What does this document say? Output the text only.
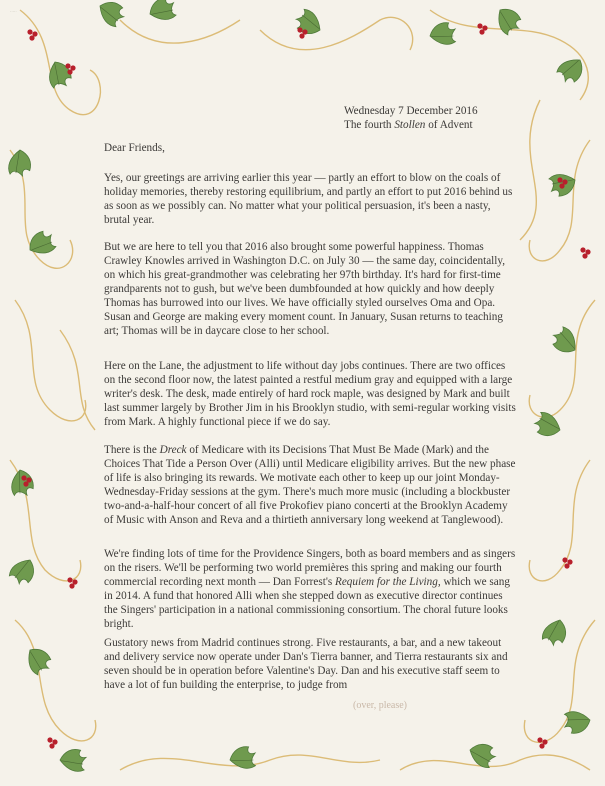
·····
Wednesday 7 December 2016
The fourth Stollen of Advent
Dear Friends,

Yes, our greetings are arriving earlier this year — partly an effort to blow on the coals of holiday memories, thereby restoring equilibrium, and partly an effort to put 2016 behind us as soon as we possibly can. No matter what your political persuasion, it's been a nasty, brutal year.

But we are here to tell you that 2016 also brought some powerful happiness. Thomas Crawley Knowles arrived in Washington D.C. on July 30 — the same day, coincidentally, on which his great-grandmother was celebrating her 97th birthday. It's hard for first-time grandparents not to gush, but we've been dumbfounded at how quickly and how deeply Thomas has burrowed into our lives. We have officially styled ourselves Oma and Opa. Susan and George are making every moment count. In January, Susan returns to teaching art; Thomas will be in daycare close to her school.

Here on the Lane, the adjustment to life without day jobs continues. There are two offices on the second floor now, the latest painted a restful medium gray and equipped with a large writer's desk. The desk, made entirely of hard rock maple, was designed by Mark and built last summer largely by Brother Jim in his Brooklyn studio, with semi-regular working visits from Mark. A highly functional piece if we do say.

There is the Dreck of Medicare with its Decisions That Must Be Made (Mark) and the Choices That Tide a Person Over (Alli) until Medicare eligibility arrives. But the new phase of life is also bringing its rewards. We motivate each other to keep up our joint Monday-Wednesday-Friday sessions at the gym. There's much more music (including a blockbuster two-and-a-half-hour concert of all five Prokofiev piano concerti at the Brooklyn Academy of Music with Anson and Reva and a thirtieth anniversary long weekend at Tanglewood).

We're finding lots of time for the Providence Singers, both as board members and as singers on the risers. We'll be performing two world premières this spring and making our fourth commercial recording next month — Dan Forrest's Requiem for the Living, which we sang in 2014. A fund that honored Alli when she stepped down as executive director continues the Singers' participation in a national commissioning consortium. The choral future looks bright.

Gustatory news from Madrid continues strong. Five restaurants, a bar, and a new takeout and delivery service now operate under Dan's Tierra banner, and Tierra restaurants six and seven should be in operation before Valentine's Day. Dan and his executive staff seem to have a lot of fun building the enterprise, to judge from

(over, please)
